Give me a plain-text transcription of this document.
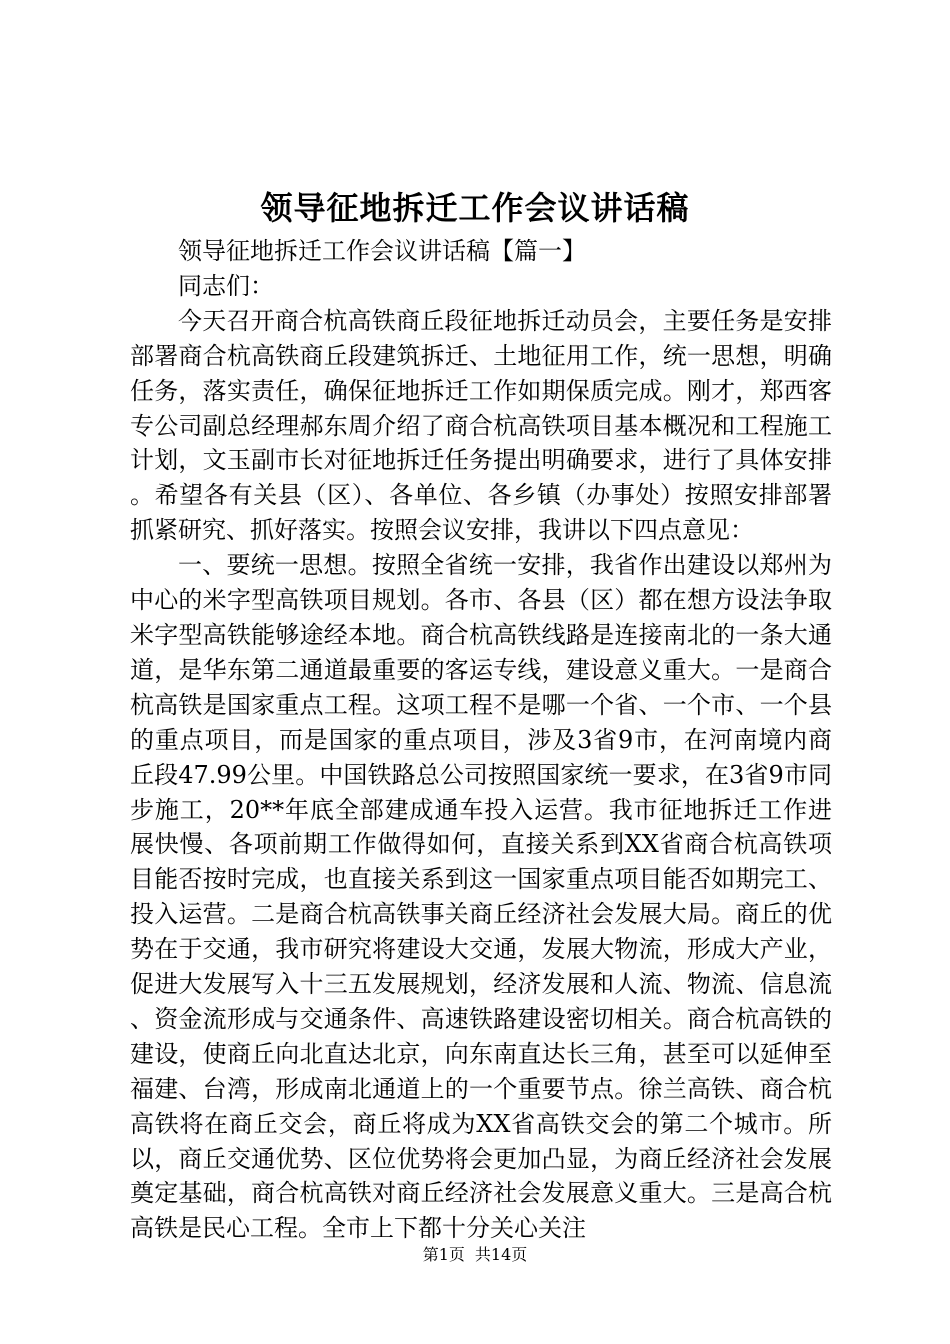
领导征地拆迁工作会议讲话稿

领导征地拆迁工作会议讲话稿【篇一】

同志们：

今天召开商合杭高铁商丘段征地拆迁动员会，主要任务是安排部署商合杭高铁商丘段建筑拆迁、土地征用工作，统一思想，明确任务，落实责任，确保征地拆迁工作如期保质完成。刚才，郑西客专公司副总经理郝东周介绍了商合杭高铁项目基本概况和工程施工计划，文玉副市长对征地拆迁任务提出明确要求，进行了具体安排。希望各有关县（区）、各单位、各乡镇（办事处）按照安排部署抓紧研究、抓好落实。按照会议安排，我讲以下四点意见：

一、要统一思想。按照全省统一安排，我省作出建设以郑州为中心的米字型高铁项目规划。各市、各县（区）都在想方设法争取米字型高铁能够途经本地。商合杭高铁线路是连接南北的一条大通道，是华东第二通道最重要的客运专线，建设意义重大。一是商合杭高铁是国家重点工程。这项工程不是哪一个省、一个市、一个县的重点项目，而是国家的重点项目，涉及3省9市，在河南境内商丘段47.99公里。中国铁路总公司按照国家统一要求，在3省9市同步施工，20**年底全部建成通车投入运营。我市征地拆迁工作进展快慢、各项前期工作做得如何，直接关系到XX省商合杭高铁项目能否按时完成，也直接关系到这一国家重点项目能否如期完工、投入运营。二是商合杭高铁事关商丘经济社会发展大局。商丘的优势在于交通，我市研究将建设大交通，发展大物流，形成大产业，促进大发展写入十三五发展规划，经济发展和人流、物流、信息流、资金流形成与交通条件、高速铁路建设密切相关。商合杭高铁的建设，使商丘向北直达北京，向东南直达长三角，甚至可以延伸至福建、台湾，形成南北通道上的一个重要节点。徐兰高铁、商合杭高铁将在商丘交会，商丘将成为XX省高铁交会的第二个城市。所以，商丘交通优势、区位优势将会更加凸显，为商丘经济社会发展奠定基础，商合杭高铁对商丘经济社会发展意义重大。三是高合杭高铁是民心工程。全市上下都十分关心关注

第1页 共14页
